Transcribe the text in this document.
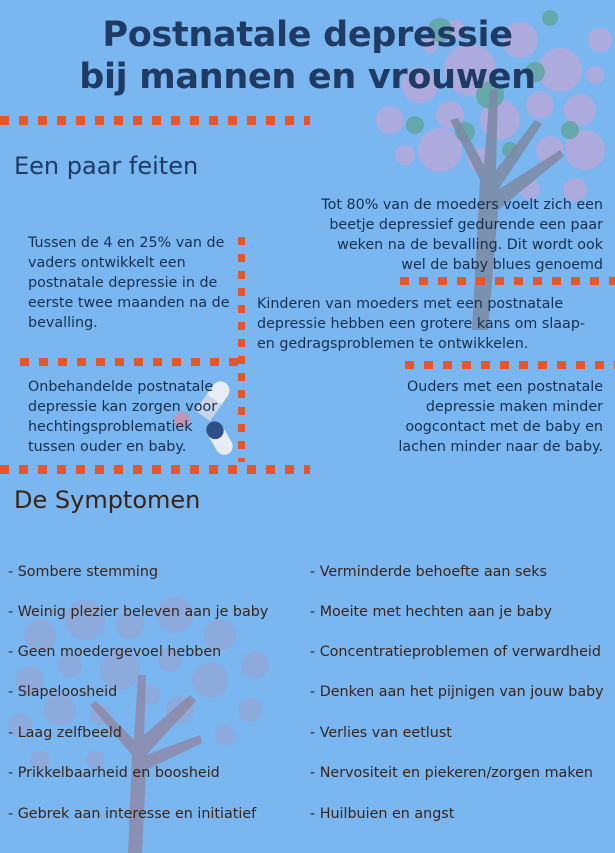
Postnatale depressie
bij mannen en vrouwen
Een paar feiten
Tot 80% van de moeders voelt zich een beetje depressief gedurende een paar weken na de bevalling. Dit wordt ook wel de baby blues genoemd
Tussen de 4 en 25% van de vaders ontwikkelt een postnatale depressie in de eerste twee maanden na de bevalling.
Kinderen van moeders met een postnatale depressie hebben een grotere kans om slaap- en gedragsproblemen te ontwikkelen.
Onbehandelde postnatale depressie kan zorgen voor hechtingsproblematiek tussen ouder en baby.
Ouders met een postnatale depressie maken minder oogcontact met de baby en lachen minder naar de baby.
De Symptomen
- Sombere stemming
- Weinig plezier beleven aan je baby
- Geen moedergevoel hebben
- Slapeloosheid
- Laag zelfbeeld
- Prikkelbaarheid en boosheid
- Gebrek aan interesse en initiatief
- Verminderde behoefte aan seks
- Moeite met hechten aan je baby
- Concentratieproblemen of verwardheid
- Denken aan het pijnigen van jouw baby
- Verlies van eetlust
- Nervositeit en piekeren/zorgen maken
- Huilbuien en angst
